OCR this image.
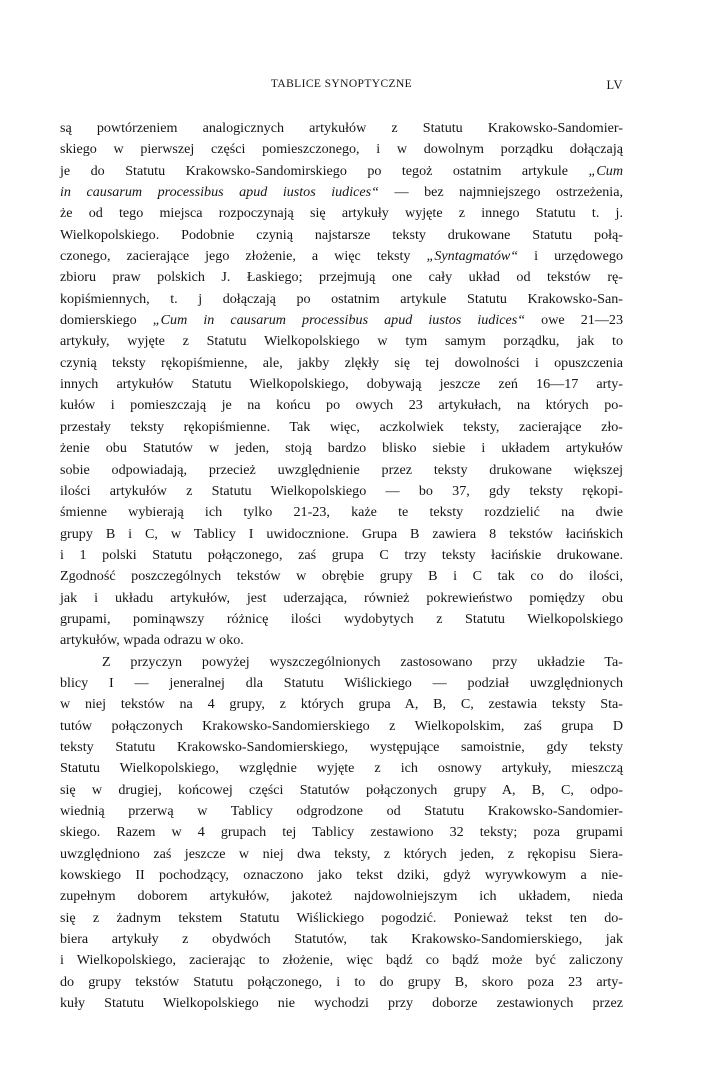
TABLICE SYNOPTYCZNE	LV
są powtórzeniem analogicznych artykułów z Statutu Krakowsko-Sandomier-
skiego w pierwszej części pomieszczonego, i w dowolnym porządku dołączają
je do Statutu Krakowsko-Sandomirskiego po tegoż ostatnim artykule „Cum
in causarum processibus apud iustos iudices“ — bez najmniejszego ostrzeżenia,
że od tego miejsca rozpoczynają się artykuły wyjęte z innego Statutu t. j.
Wielkopolskiego. Podobnie czynią najstarsze teksty drukowane Statutu połą-
czonego, zacierające jego złożenie, a więc teksty „Syntagmatów“ i urzędowego
zbioru praw polskich J. Łaskiego; przejmują one cały układ od tekstów rę-
kopiśmiennych, t. j dołączają po ostatnim artykule Statutu Krakowsko-San-
domierskiego „Cum in causarum processibus apud iustos iudices“ owe 21—23
artykuły, wyjęte z Statutu Wielkopolskiego w tym samym porządku, jak to
czynią teksty rękopiśmienne, ale, jakby zlękły się tej dowolności i opuszczenia
innych artykułów Statutu Wielkopolskiego, dobywają jeszcze zeń 16—17 arty-
kułów i pomieszczają je na końcu po owych 23 artykułach, na których po-
przestały teksty rękopiśmienne. Tak więc, aczkolwiek teksty, zacierające zło-
żenie obu Statutów w jeden, stoją bardzo blisko siebie i układem artykułów
sobie odpowiadają, przecież uwzględnienie przez teksty drukowane większej
ilości artykułów z Statutu Wielkopolskiego — bo 37, gdy teksty rękopi-
śmienne wybierają ich tylko 21-23, każe te teksty rozdzielić na dwie
grupy B i C, w Tablicy I uwidocznione. Grupa B zawiera 8 tekstów łacińskich
i 1 polski Statutu połączonego, zaś grupa C trzy teksty łacińskie drukowane.
Zgodność poszczególnych tekstów w obrębie grupy B i C tak co do ilości,
jak i układu artykułów, jest uderzająca, również pokrewieństwo pomiędzy obu
grupami, pominąwszy różnicę ilości wydobytych z Statutu Wielkopolskiego
artykułów, wpada odrazu w oko.
Z przyczyn powyżej wyszczególnionych zastosowano przy układzie Ta-
blicy I — jeneralnej dla Statutu Wiślickiego — podział uwzględnionych
w niej tekstów na 4 grupy, z których grupa A, B, C, zestawia teksty Sta-
tutów połączonych Krakowsko-Sandomierskiego z Wielkopolskim, zaś grupa D
teksty Statutu Krakowsko-Sandomierskiego, występujące samoistnie, gdy teksty
Statutu Wielkopolskiego, względnie wyjęte z ich osnowy artykuły, mieszczą
się w drugiej, końcowej części Statutów połączonych grupy A, B, C, odpo-
wiednią przerwą w Tablicy odgrodzone od Statutu Krakowsko-Sandomier-
skiego. Razem w 4 grupach tej Tablicy zestawiono 32 teksty; poza grupami
uwzględniono zaś jeszcze w niej dwa teksty, z których jeden, z rękopisu Siera-
kowskiego II pochodzący, oznaczono jako tekst dziki, gdyż wyrywkowym a nie-
zupełnym doborem artykułów, jakoteż najdowolniejszym ich układem, nieda
się z żadnym tekstem Statutu Wiślickiego pogodzić. Ponieważ tekst ten do-
biera artykuły z obydwóch Statutów, tak Krakowsko-Sandomierskiego, jak
i Wielkopolskiego, zacierając to złożenie, więc bądź co bądź może być zaliczony
do grupy tekstów Statutu połączonego, i to do grupy B, skoro poza 23 arty-
kuły Statutu Wielkopolskiego nie wychodzi przy doborze zestawionych przez
